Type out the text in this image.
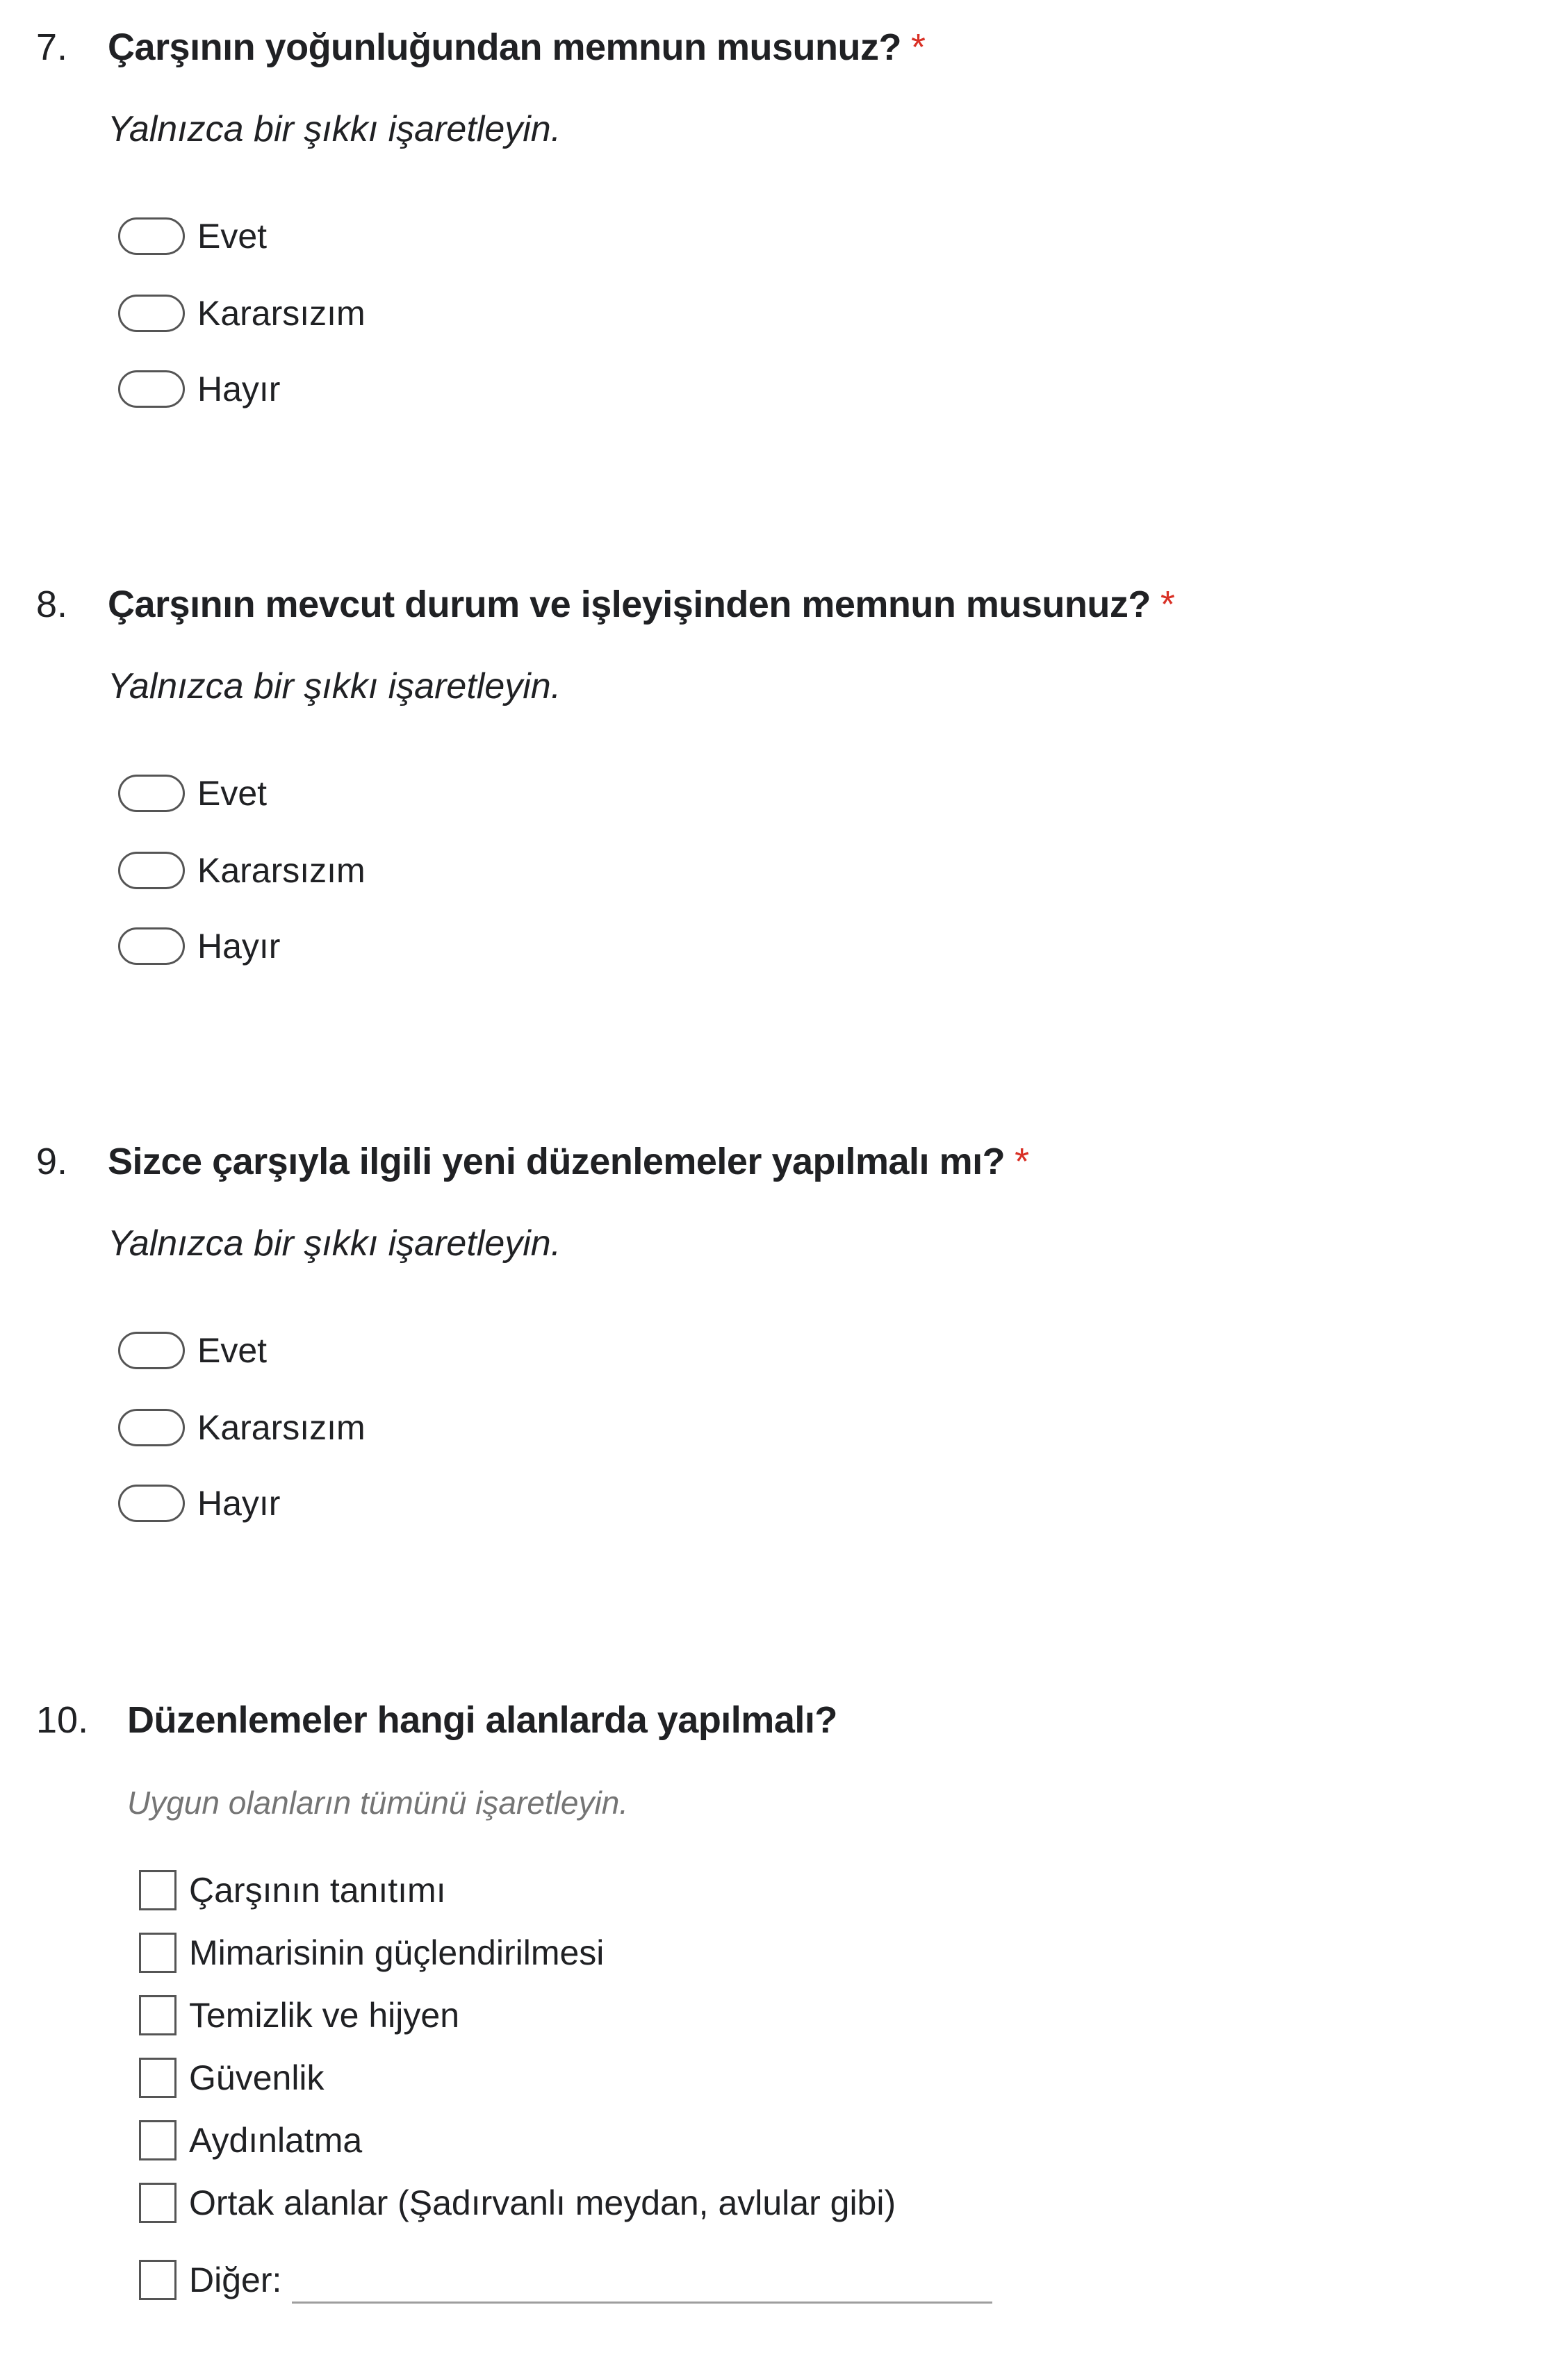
7.	Çarşının yoğunluğundan memnun musunuz? *
Yalnızca bir şıkkı işaretleyin.
Evet
Kararsızım
Hayır
8.	Çarşının mevcut durum ve işleyişinden memnun musunuz? *
Yalnızca bir şıkkı işaretleyin.
Evet
Kararsızım
Hayır
9.	Sizce çarşıyla ilgili yeni düzenlemeler yapılmalı mı? *
Yalnızca bir şıkkı işaretleyin.
Evet
Kararsızım
Hayır
10.	Düzenlemeler hangi alanlarda yapılmalı?
Uygun olanların tümünü işaretleyin.
Çarşının tanıtımı
Mimarisinin güçlendirilmesi
Temizlik ve hijyen
Güvenlik
Aydınlatma
Ortak alanlar (Şadırvanlı meydan, avlular gibi)
Diğer:
